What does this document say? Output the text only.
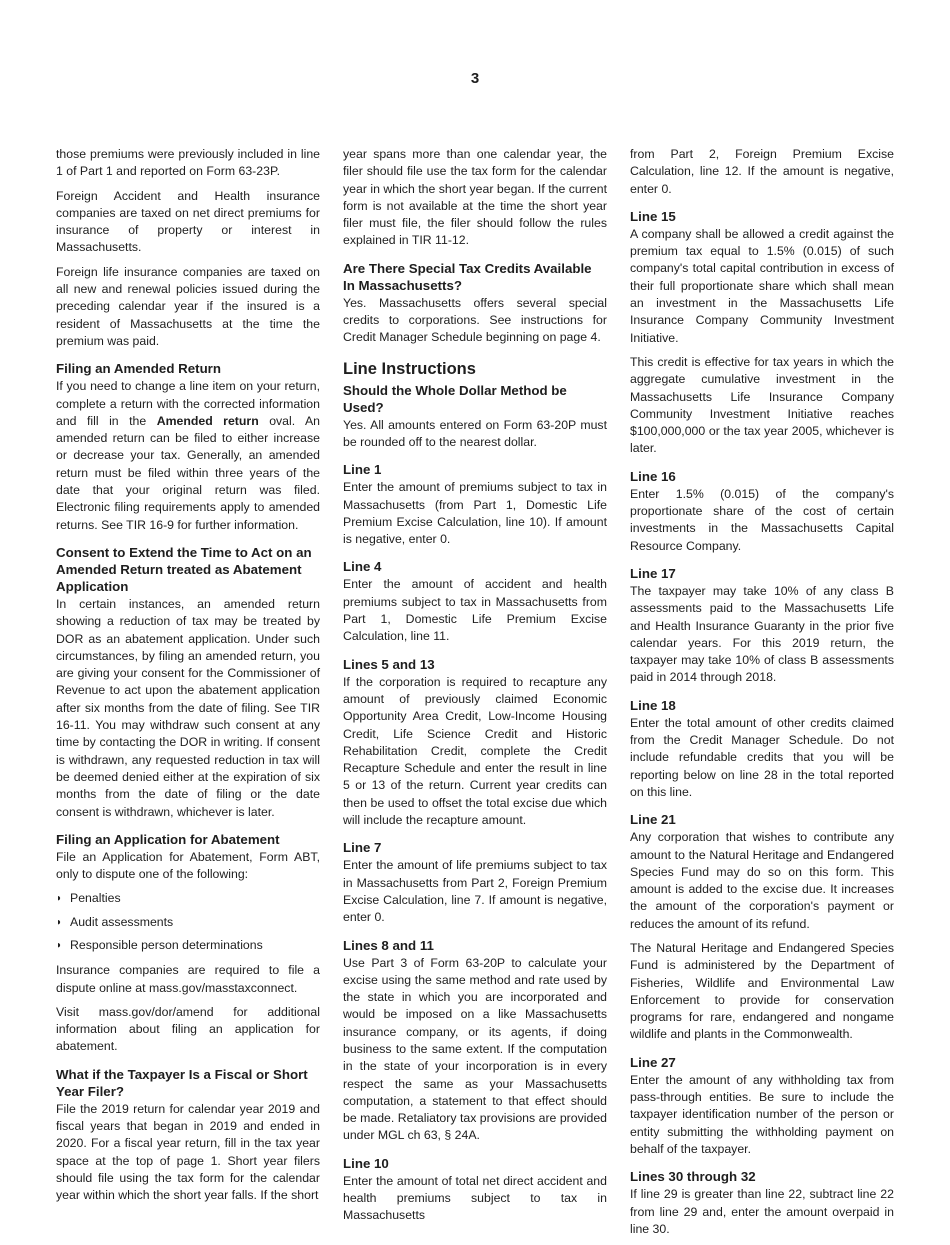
3

those premiums were previously included in line 1 of Part 1 and reported on Form 63-23P.

Foreign Accident and Health insurance companies are taxed on net direct premiums for insurance of property or interest in Massachusetts.

Foreign life insurance companies are taxed on all new and renewal policies issued during the preceding calendar year if the insured is a resident of Massachusetts at the time the premium was paid.

Filing an Amended Return

If you need to change a line item on your return, complete a return with the corrected information and fill in the Amended return oval. An amended return can be filed to either increase or decrease your tax. Generally, an amended return must be filed within three years of the date that your original return was filed. Electronic filing requirements apply to amended returns. See TIR 16-9 for further information.

Consent to Extend the Time to Act on an Amended Return treated as Abatement Application

In certain instances, an amended return showing a reduction of tax may be treated by DOR as an abatement application. Under such circumstances, by filing an amended return, you are giving your consent for the Commissioner of Revenue to act upon the abatement application after six months from the date of filing. See TIR 16-11. You may withdraw such consent at any time by contacting the DOR in writing. If consent is withdrawn, any requested reduction in tax will be deemed denied either at the expiration of six months from the date of filing or the date consent is withdrawn, whichever is later.

Filing an Application for Abatement

File an Application for Abatement, Form ABT, only to dispute one of the following:

◗ Penalties
◗ Audit assessments
◗ Responsible person determinations

Insurance companies are required to file a dispute online at mass.gov/masstaxconnect.

Visit mass.gov/dor/amend for additional information about filing an application for abatement.

What if the Taxpayer Is a Fiscal or Short Year Filer?

File the 2019 return for calendar year 2019 and fiscal years that began in 2019 and ended in 2020. For a fiscal year return, fill in the tax year space at the top of page 1. Short year filers should file using the tax form for the calendar year within which the short year falls. If the short

year spans more than one calendar year, the filer should file use the tax form for the calendar year in which the short year began. If the current form is not available at the time the short year filer must file, the filer should follow the rules explained in TIR 11-12.

Are There Special Tax Credits Available In Massachusetts?

Yes. Massachusetts offers several special credits to corporations. See instructions for Credit Manager Schedule beginning on page 4.

Line Instructions
Should the Whole Dollar Method be Used?

Yes. All amounts entered on Form 63-20P must be rounded off to the nearest dollar.

Line 1

Enter the amount of premiums subject to tax in Massachusetts (from Part 1, Domestic Life Premium Excise Calculation, line 10). If amount is negative, enter 0.

Line 4

Enter the amount of accident and health premiums subject to tax in Massachusetts from Part 1, Domestic Life Premium Excise Calculation, line 11.

Lines 5 and 13

If the corporation is required to recapture any amount of previously claimed Economic Opportunity Area Credit, Low-Income Housing Credit, Life Science Credit and Historic Rehabilitation Credit, complete the Credit Recapture Schedule and enter the result in line 5 or 13 of the return. Current year credits can then be used to offset the total excise due which will include the recapture amount.

Line 7

Enter the amount of life premiums subject to tax in Massachusetts from Part 2, Foreign Premium Excise Calculation, line 7. If amount is negative, enter 0.

Lines 8 and 11

Use Part 3 of Form 63-20P to calculate your excise using the same method and rate used by the state in which you are incorporated and would be imposed on a like Massachusetts insurance company, or its agents, if doing business to the same extent. If the computation in the state of your incorporation is in every respect the same as your Massachusetts computation, a statement to that effect should be made. Retaliatory tax provisions are provided under MGL ch 63, § 24A.

Line 10

Enter the amount of total net direct accident and health premiums subject to tax in Massachusetts

from Part 2, Foreign Premium Excise Calculation, line 12. If the amount is negative, enter 0.

Line 15

A company shall be allowed a credit against the premium tax equal to 1.5% (0.015) of such company's total capital contribution in excess of their full proportionate share which shall mean an investment in the Massachusetts Life Insurance Company Community Investment Initiative.

This credit is effective for tax years in which the aggregate cumulative investment in the Massachusetts Life Insurance Company Community Investment Initiative reaches $100,000,000 or the tax year 2005, whichever is later.

Line 16

Enter 1.5% (0.015) of the company's proportionate share of the cost of certain investments in the Massachusetts Capital Resource Company.

Line 17

The taxpayer may take 10% of any class B assessments paid to the Massachusetts Life and Health Insurance Guaranty in the prior five calendar years. For this 2019 return, the taxpayer may take 10% of class B assessments paid in 2014 through 2018.

Line 18

Enter the total amount of other credits claimed from the Credit Manager Schedule. Do not include refundable credits that you will be reporting below on line 28 in the total reported on this line.

Line 21

Any corporation that wishes to contribute any amount to the Natural Heritage and Endangered Species Fund may do so on this form. This amount is added to the excise due. It increases the amount of the corporation's payment or reduces the amount of its refund.

The Natural Heritage and Endangered Species Fund is administered by the Department of Fisheries, Wildlife and Environmental Law Enforcement to provide for conservation programs for rare, endangered and nongame wildlife and plants in the Commonwealth.

Line 27

Enter the amount of any withholding tax from pass-through entities. Be sure to include the taxpayer identification number of the person or entity submitting the withholding payment on behalf of the taxpayer.

Lines 30 through 32

If line 29 is greater than line 22, subtract line 22 from line 29 and, enter the amount overpaid in line 30.
